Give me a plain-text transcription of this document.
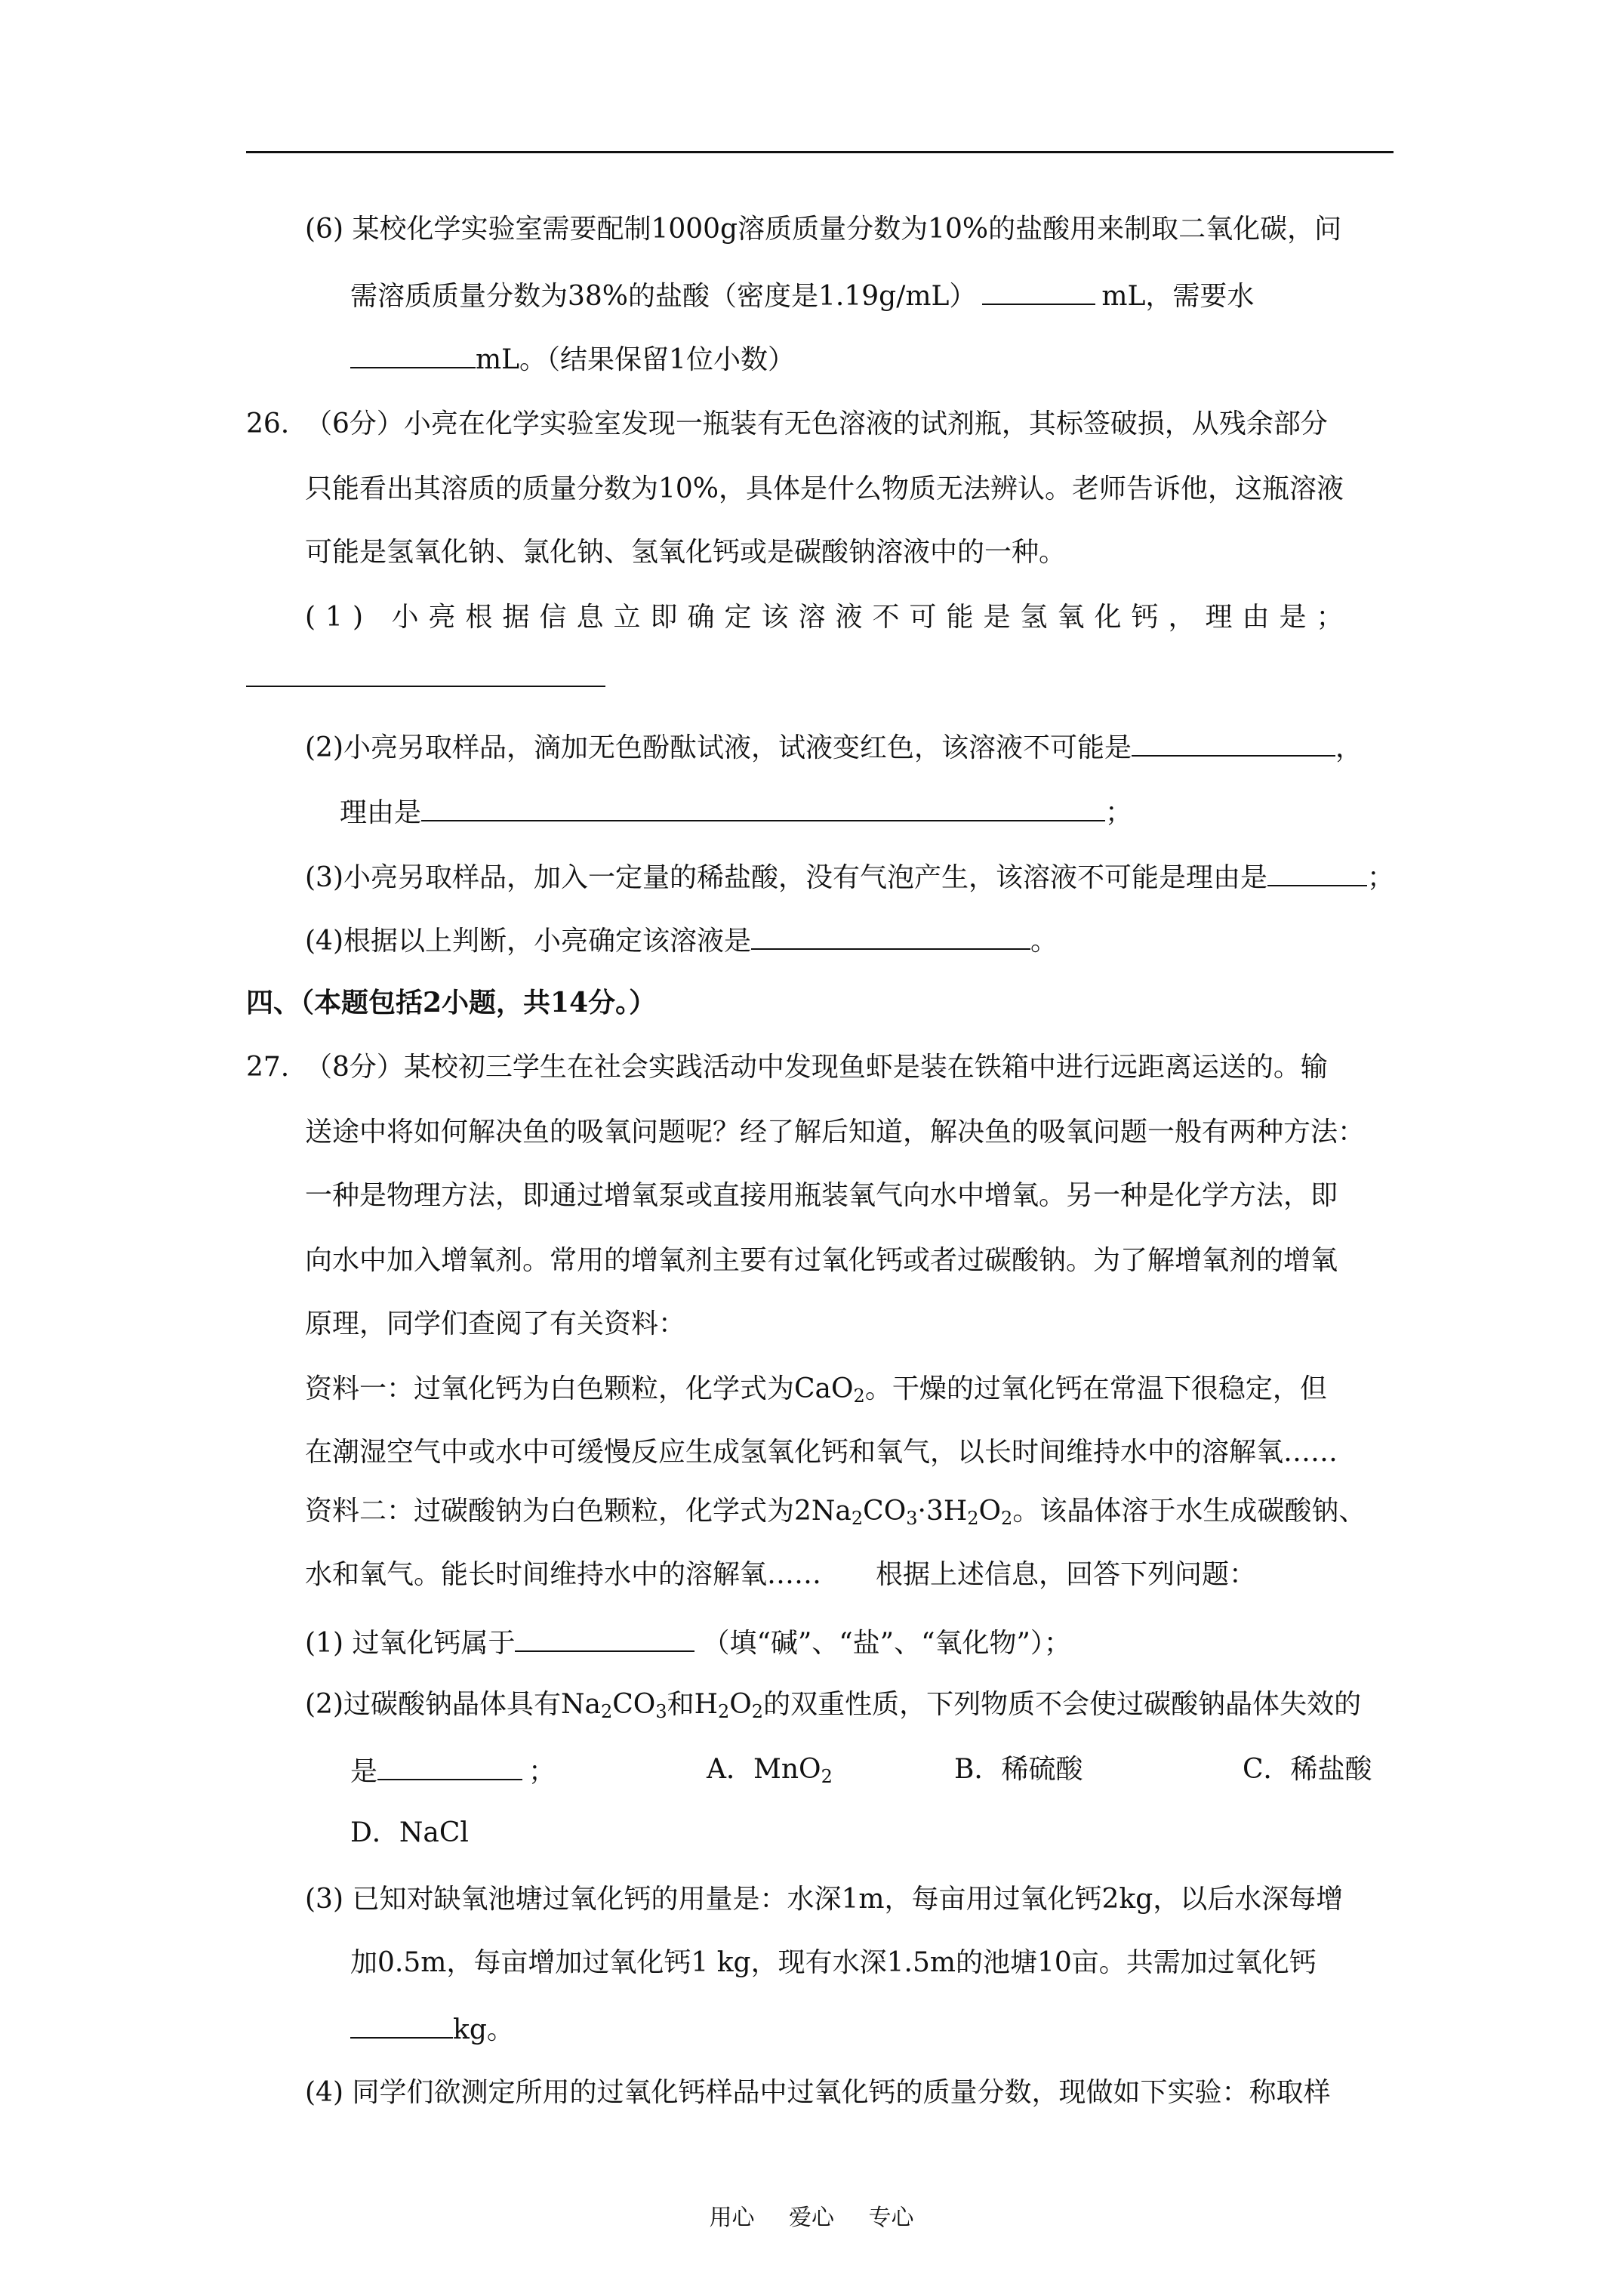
(6) 某校化学实验室需要配制1000g溶质质量分数为10%的盐酸用来制取二氧化碳，问
需溶质质量分数为38%的盐酸（密度是1.19g/mL）	mL，需要水
mL。（结果保留1位小数）
26. （6分）小亮在化学实验室发现一瓶装有无色溶液的试剂瓶，其标签破损，从残余部分
只能看出其溶质的质量分数为10%，具体是什么物质无法辨认。老师告诉他，这瓶溶液
可能是氢氧化钠、氯化钠、氢氧化钙或是碳酸钠溶液中的一种。
(1) 小亮根据信息立即确定该溶液不可能是氢氧化钙，理由是；
(2)小亮另取样品，滴加无色酚酞试液，试液变红色，该溶液不可能是	，
理由是	；
(3)小亮另取样品，加入一定量的稀盐酸，没有气泡产生，该溶液不可能是理由是	；
(4)根据以上判断，小亮确定该溶液是	。
四、（本题包括2小题，共14分。）
27. （8分）某校初三学生在社会实践活动中发现鱼虾是装在铁箱中进行远距离运送的。输
送途中将如何解决鱼的吸氧问题呢？经了解后知道，解决鱼的吸氧问题一般有两种方法：
一种是物理方法，即通过增氧泵或直接用瓶装氧气向水中增氧。另一种是化学方法，即
向水中加入增氧剂。常用的增氧剂主要有过氧化钙或者过碳酸钠。为了解增氧剂的增氧
原理，同学们查阅了有关资料：
资料一：过氧化钙为白色颗粒，化学式为CaO$_2$。干燥的过氧化钙在常温下很稳定，但
在潮湿空气中或水中可缓慢反应生成氢氧化钙和氧气，以长时间维持水中的溶解氧……
资料二：过碳酸钠为白色颗粒，化学式为$2Na_2CO_3\cdot 3H_2O_2$。该晶体溶于水生成碳酸钠、
水和氧气。能长时间维持水中的溶解氧……　　根据上述信息，回答下列问题：
(1) 过氧化钙属于	（填“碱”、“盐”、“氧化物”）；
(2)过碳酸钠晶体具有$Na_2CO_3$和$H_2O_2$的双重性质，下列物质不会使过碳酸钠晶体失效的
是	；	A．MnO$_2$	B．稀硫酸	C．稀盐酸
D．NaCl
(3) 已知对缺氧池塘过氧化钙的用量是：水深1m，每亩用过氧化钙2kg，以后水深每增
加0.5m，每亩增加过氧化钙1 kg，现有水深1.5m的池塘10亩。共需加过氧化钙
kg。
(4) 同学们欲测定所用的过氧化钙样品中过氧化钙的质量分数，现做如下实验：称取样
用心 爱心 专心
